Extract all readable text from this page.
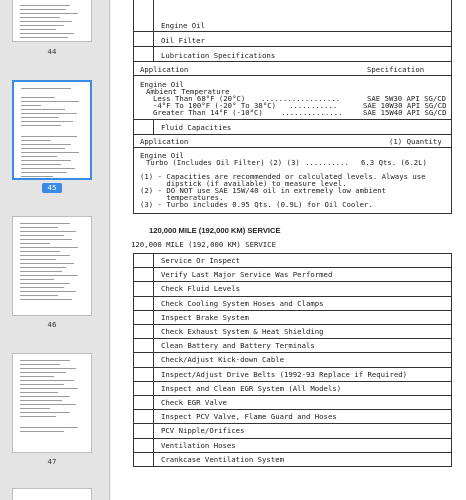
44
45
46
47
Engine Oil
Oil Filter
Lubrication Specifications
Application	Specification
Engine Oil
Ambient Temperature
Less Than 68°F (20°C) ..................	SAE 5W30 API SG/CD
-4°F To 100°F (-20° To 38°C) ...........	SAE 10W30 API SG/CD
Greater Than 14°F (-10°C) ..............	SAE 15W40 API SG/CD
Fluid Capacities
Application	(1) Quantity
Engine Oil
Turbo (Includes Oil Filter) (2) (3) .......... 6.3 Qts. (6.2L)
(1) - Capacities are recommended or calculated levels. Always use
dipstick (if available) to measure level.
(2) - DO NOT use SAE 15W/40 oil in extremely low ambient
temperatures.
(3) - Turbo includes 0.95 Qts. (0.9L) for Oil Cooler.
120,000 MILE (192,000 KM) SERVICE
120,000 MILE (192,000 KM) SERVICE
Service Or Inspect
Verify Last Major Service Was Performed
Check Fluid Levels
Check Cooling System Hoses and Clamps
Inspect Brake System
Check Exhaust System & Heat Shielding
Clean Battery and Battery Terminals
Check/Adjust Kick-down Cable
Inspect/Adjust Drive Belts (1992-93 Replace if Required)
Inspect and Clean EGR System (All Models)
Check EGR Valve
Inspect PCV Valve, Flame Guard and Hoses
PCV Nipple/Orifices
Ventilation Hoses
Crankcase Ventilation System
